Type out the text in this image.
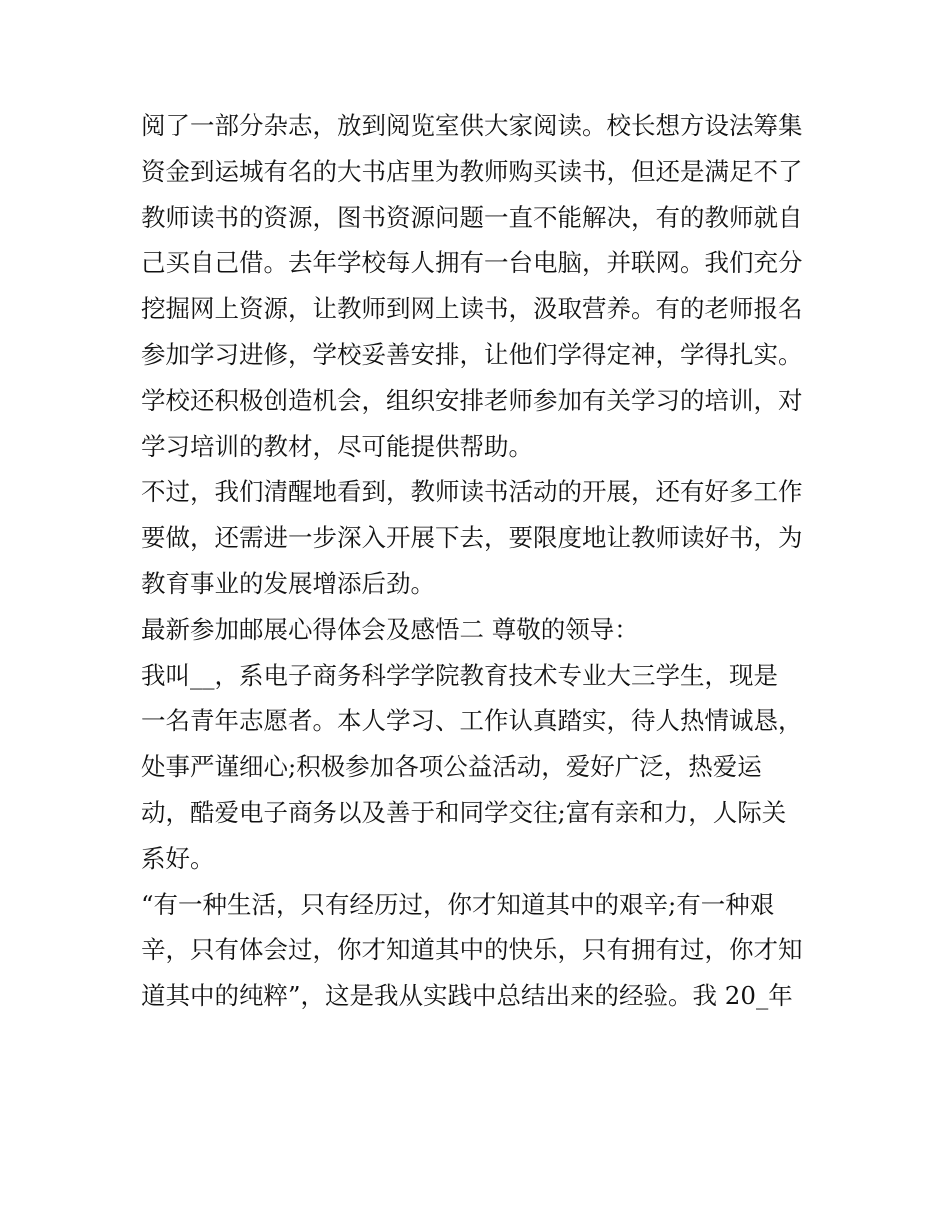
阅了一部分杂志，放到阅览室供大家阅读。校长想方设法筹集
资金到运城有名的大书店里为教师购买读书，但还是满足不了
教师读书的资源，图书资源问题一直不能解决，有的教师就自
己买自己借。去年学校每人拥有一台电脑，并联网。我们充分
挖掘网上资源，让教师到网上读书，汲取营养。有的老师报名
参加学习进修，学校妥善安排，让他们学得定神，学得扎实。
学校还积极创造机会，组织安排老师参加有关学习的培训，对
学习培训的教材，尽可能提供帮助。
不过，我们清醒地看到，教师读书活动的开展，还有好多工作
要做，还需进一步深入开展下去，要限度地让教师读好书，为
教育事业的发展增添后劲。
最新参加邮展心得体会及感悟二 尊敬的领导：
我叫__，系电子商务科学学院教育技术专业大三学生，现是
一名青年志愿者。本人学习、工作认真踏实，待人热情诚恳，
处事严谨细心;积极参加各项公益活动，爱好广泛，热爱运
动，酷爱电子商务以及善于和同学交往;富有亲和力，人际关
系好。
“有一种生活，只有经历过，你才知道其中的艰辛;有一种艰
辛，只有体会过，你才知道其中的快乐，只有拥有过，你才知
道其中的纯粹”，这是我从实践中总结出来的经验。我 20_年
